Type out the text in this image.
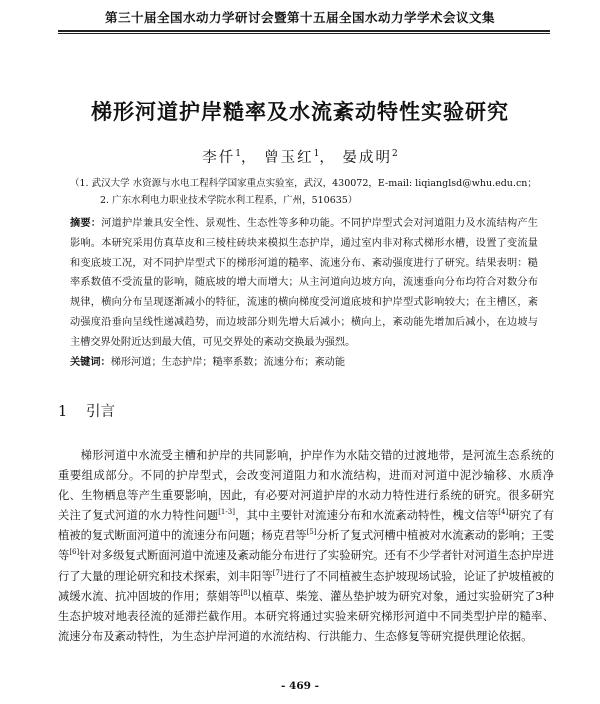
第三十届全国水动力学研讨会暨第十五届全国水动力学学术会议文集
梯形河道护岸糙率及水流紊动特性实验研究
李仟$^1$， 曾玉红$^1$， 晏成明$^2$
（1. 武汉大学 水资源与水电工程科学国家重点实验室，武汉，430072，E-mail: liqianglsd@whu.edu.cn；
2. 广东水利电力职业技术学院水利工程系，广州，510635）
摘要：河道护岸兼具安全性、景观性、生态性等多种功能。不同护岸型式会对河道阻力及水流结构产生影响。本研究采用仿真草皮和三棱柱砖块来模拟生态护岸，通过室内非对称式梯形水槽，设置了变流量和变底坡工况，对不同护岸型式下的梯形河道的糙率、流速分布、紊动强度进行了研究。结果表明：糙率系数值不受流量的影响，随底坡的增大而增大；从主河道向边坡方向，流速垂向分布均符合对数分布规律，横向分布呈现逐渐减小的特征，流速的横向梯度受河道底坡和护岸型式影响较大；在主槽区，紊动强度沿垂向呈线性递减趋势，而边坡部分则先增大后减小；横向上，紊动能先增加后减小，在边坡与主槽交界处附近达到最大值，可见交界处的紊动交换最为强烈。
关键词：梯形河道；生态护岸；糙率系数；流速分布；紊动能
1 引言
梯形河道中水流受主槽和护岸的共同影响，护岸作为水陆交错的过渡地带，是河流生态系统的重要组成部分。不同的护岸型式，会改变河道阻力和水流结构，进而对河道中泥沙输移、水质净化、生物栖息等产生重要影响，因此，有必要对河道护岸的水动力特性进行系统的研究。很多研究关注了复式河道的水力特性问题[1-3]，其中主要针对流速分布和水流紊动特性，槐文信等[4]研究了有植被的复式断面河道中的流速分布问题；杨克君等[5]分析了复式河槽中植被对水流紊动的影响；王雯等[6]针对多级复式断面河道中流速及紊动能分布进行了实验研究。还有不少学者针对河道生态护岸进行了大量的理论研究和技术探索，刘丰阳等[7]进行了不同植被生态护坡现场试验，论证了护坡植被的减缓水流、抗冲固坡的作用；蔡娟等[8]以植草、柴笼、灌丛垫护坡为研究对象，通过实验研究了3种生态护坡对地表径流的延滞拦截作用。本研究将通过实验来研究梯形河道中不同类型护岸的糙率、流速分布及紊动特性，为生态护岸河道的水流结构、行洪能力、生态修复等研究提供理论依据。
- 469 -
